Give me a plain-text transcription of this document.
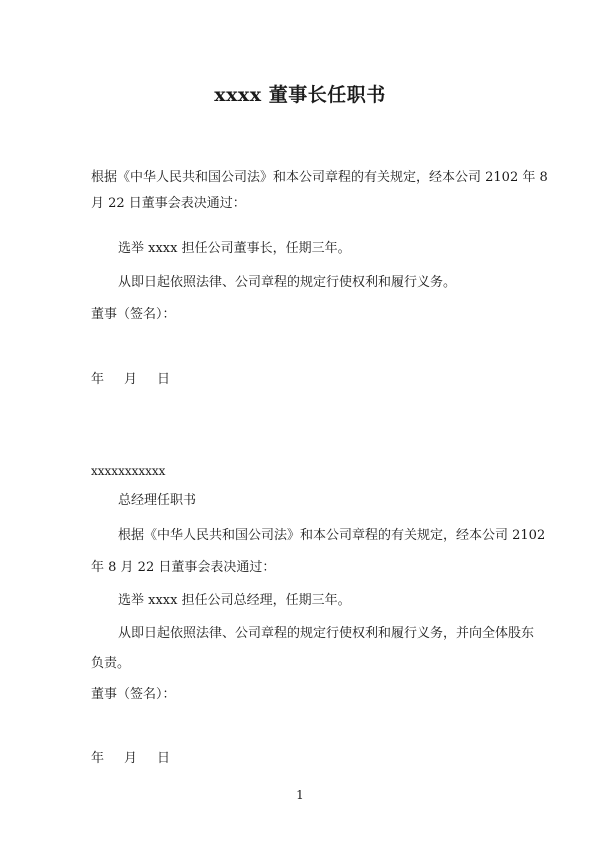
xxxx 董事长任职书
根据《中华人民共和国公司法》和本公司章程的有关规定，经本公司 2102 年 8
月 22 日董事会表决通过：
选举 xxxx 担任公司董事长，任期三年。
从即日起依照法律、公司章程的规定行使权利和履行义务。
董事（签名）：
年 月 日
xxxxxxxxxxx
总经理任职书
根据《中华人民共和国公司法》和本公司章程的有关规定，经本公司 2102
年 8 月 22 日董事会表决通过：
选举 xxxx 担任公司总经理，任期三年。
从即日起依照法律、公司章程的规定行使权利和履行义务，并向全体股东
负责。
董事（签名）：
年 月 日
1
